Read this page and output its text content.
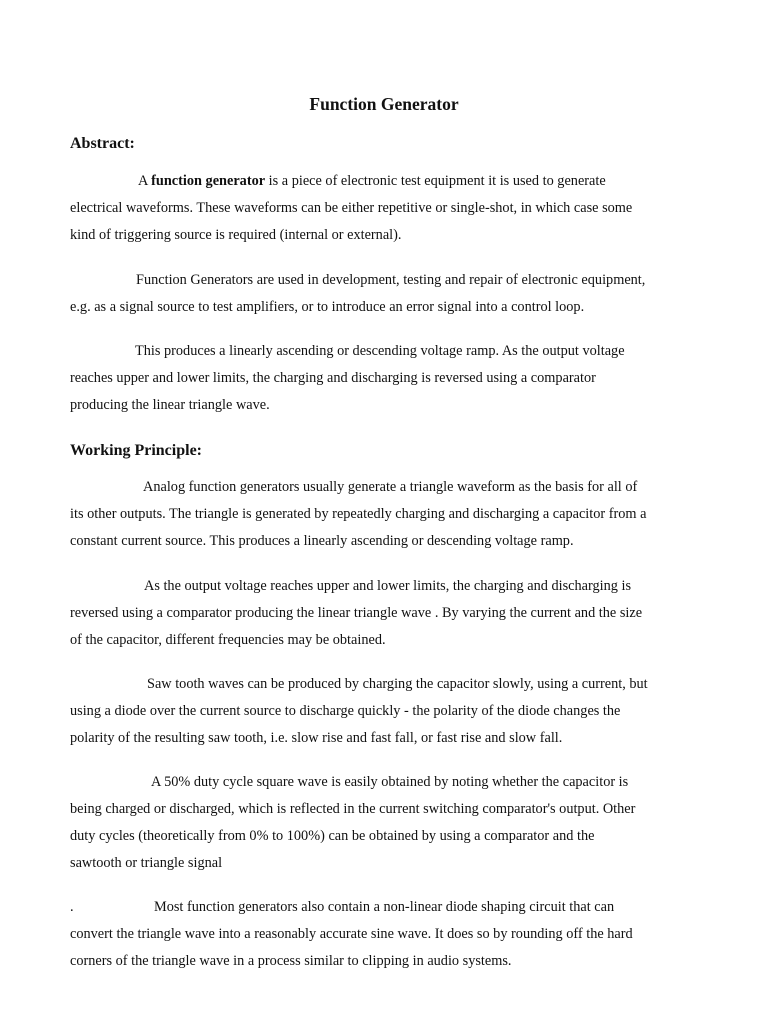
Function Generator
Abstract:
A function generator is a piece of electronic test equipment it is used to generate
electrical waveforms. These waveforms can be either repetitive or single-shot, in which case some
kind of triggering source is required (internal or external).
Function Generators are used in development, testing and repair of electronic equipment,
e.g. as a signal source to test amplifiers, or to introduce an error signal into a control loop.
This produces a linearly ascending or descending voltage ramp. As the output voltage
reaches upper and lower limits, the charging and discharging is reversed using a comparator
producing the linear triangle wave.
Working Principle:
Analog function generators usually generate a triangle waveform as the basis for all of
its other outputs. The triangle is generated by repeatedly charging and discharging a capacitor from a
constant current source. This produces a linearly ascending or descending voltage ramp.
As the output voltage reaches upper and lower limits, the charging and discharging is
reversed using a comparator producing the linear triangle wave . By varying the current and the size
of the capacitor, different frequencies may be obtained.
Saw tooth waves can be produced by charging the capacitor slowly, using a current, but
using a diode over the current source to discharge quickly - the polarity of the diode changes the
polarity of the resulting saw tooth, i.e. slow rise and fast fall, or fast rise and slow fall.
A 50% duty cycle square wave is easily obtained by noting whether the capacitor is
being charged or discharged, which is reflected in the current switching comparator's output. Other
duty cycles (theoretically from 0% to 100%) can be obtained by using a comparator and the
sawtooth or triangle signal
.	Most function generators also contain a non-linear diode shaping circuit that can
convert the triangle wave into a reasonably accurate sine wave. It does so by rounding off the hard
corners of the triangle wave in a process similar to clipping in audio systems.
